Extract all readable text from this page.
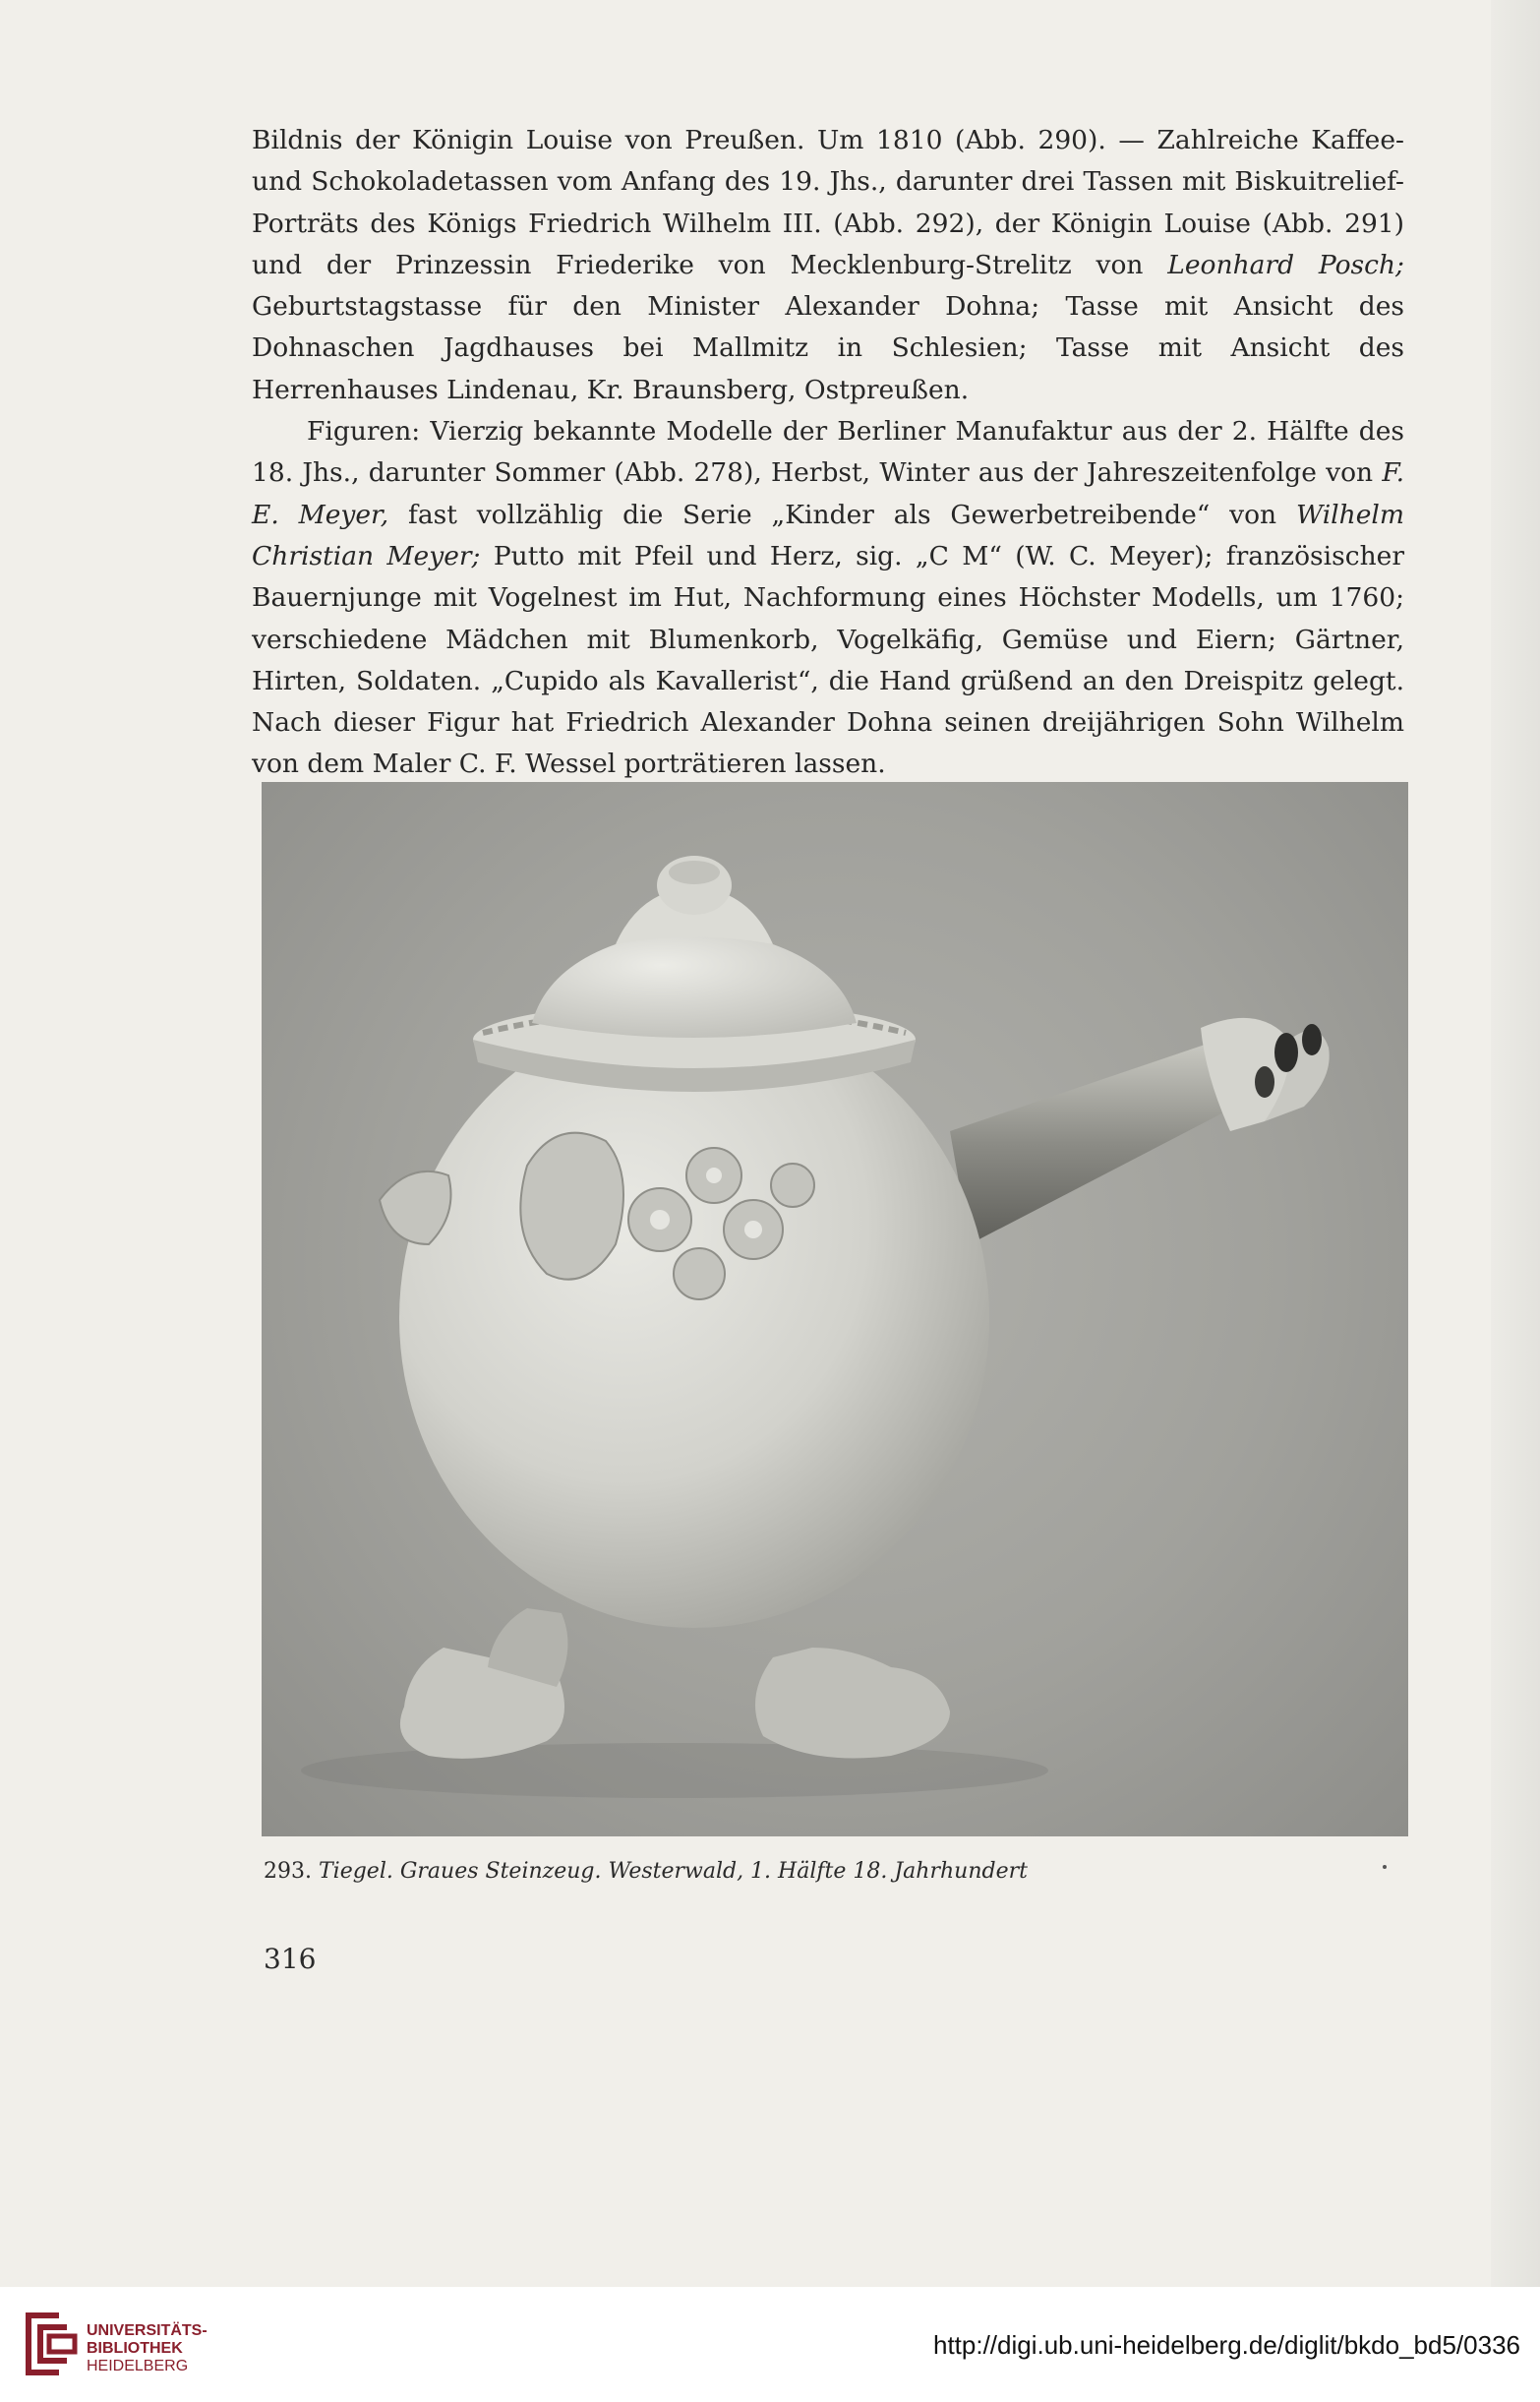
Bildnis der Königin Louise von Preußen. Um 1810 (Abb. 290). — Zahlreiche Kaffee- und Schokoladetassen vom Anfang des 19. Jhs., darunter drei Tassen mit Biskuitrelief-Porträts des Königs Friedrich Wilhelm III. (Abb. 292), der Königin Louise (Abb. 291) und der Prinzessin Friederike von Mecklenburg-Strelitz von Leonhard Posch; Geburtstagstasse für den Minister Alexander Dohna; Tasse mit Ansicht des Dohnaschen Jagdhauses bei Mallmitz in Schlesien; Tasse mit Ansicht des Herrenhauses Lindenau, Kr. Braunsberg, Ostpreußen.

Figuren: Vierzig bekannte Modelle der Berliner Manufaktur aus der 2. Hälfte des 18. Jhs., darunter Sommer (Abb. 278), Herbst, Winter aus der Jahreszeitenfolge von F. E. Meyer, fast vollzählig die Serie „Kinder als Gewerbetreibende“ von Wilhelm Christian Meyer; Putto mit Pfeil und Herz, sig. „C M“ (W. C. Meyer); französischer Bauernjunge mit Vogelnest im Hut, Nachformung eines Höchster Modells, um 1760; verschiedene Mädchen mit Blumenkorb, Vogelkäfig, Gemüse und Eiern; Gärtner, Hirten, Soldaten. „Cupido als Kavallerist“, die Hand grüßend an den Dreispitz gelegt. Nach dieser Figur hat Friedrich Alexander Dohna seinen dreijährigen Sohn Wilhelm von dem Maler C. F. Wessel porträtieren lassen.

293. Tiegel. Graues Steinzeug. Westerwald, 1. Hälfte 18. Jahrhundert
316
UNIVERSITÄTS-
BIBLIOTHEK
HEIDELBERG
http://digi.ub.uni-heidelberg.de/diglit/bkdo_bd5/0336
